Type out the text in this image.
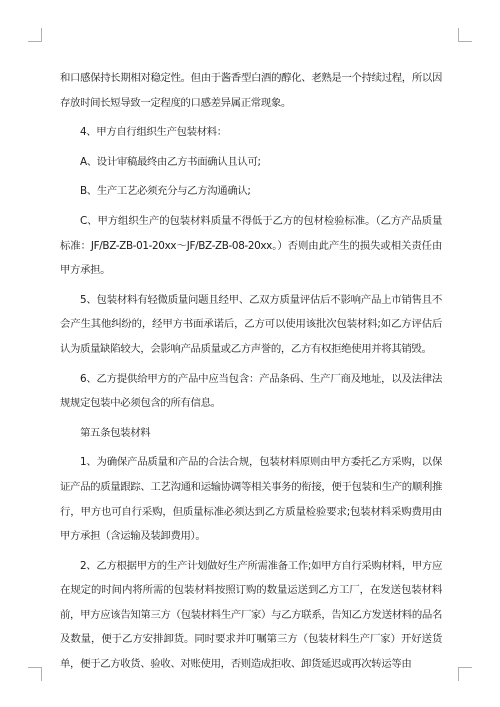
和口感保持长期相对稳定性。但由于酱香型白酒的醇化、老熟是一个持续过程，所以因存放时间长短导致一定程度的口感差异属正常现象。

4、甲方自行组织生产包装材料：

A、设计审稿最终由乙方书面确认且认可;

B、生产工艺必须充分与乙方沟通确认;

C、甲方组织生产的包装材料质量不得低于乙方的包材检验标准。（乙方产品质量标准：JF/BZ-ZB-01-20xx～JF/BZ-ZB-08-20xx。）否则由此产生的损失或相关责任由甲方承担。

5、包装材料有轻微质量问题且经甲、乙双方质量评估后不影响产品上市销售且不会产生其他纠纷的，经甲方书面承诺后，乙方可以使用该批次包装材料;如乙方评估后认为质量缺陷较大，会影响产品质量或乙方声誉的，乙方有权拒绝使用并将其销毁。

6、乙方提供给甲方的产品中应当包含：产品条码、生产厂商及地址，以及法律法规规定包装中必须包含的所有信息。

第五条包装材料

1、为确保产品质量和产品的合法合规，包装材料原则由甲方委托乙方采购，以保证产品的质量跟踪、工艺沟通和运输协调等相关事务的衔接，便于包装和生产的顺利推行，甲方也可自行采购，但质量标准必须达到乙方质量检验要求;包装材料采购费用由甲方承担（含运输及装卸费用）。

2、乙方根据甲方的生产计划做好生产所需准备工作;如甲方自行采购材料，甲方应在规定的时间内将所需的包装材料按照订购的数量运送到乙方工厂，在发送包装材料前，甲方应该告知第三方（包装材料生产厂家）与乙方联系，告知乙方发送材料的品名及数量，便于乙方安排卸货。同时要求并叮嘱第三方（包装材料生产厂家）开好送货单，便于乙方收货、验收、对账使用，否则造成拒收、卸货延迟或再次转运等由
